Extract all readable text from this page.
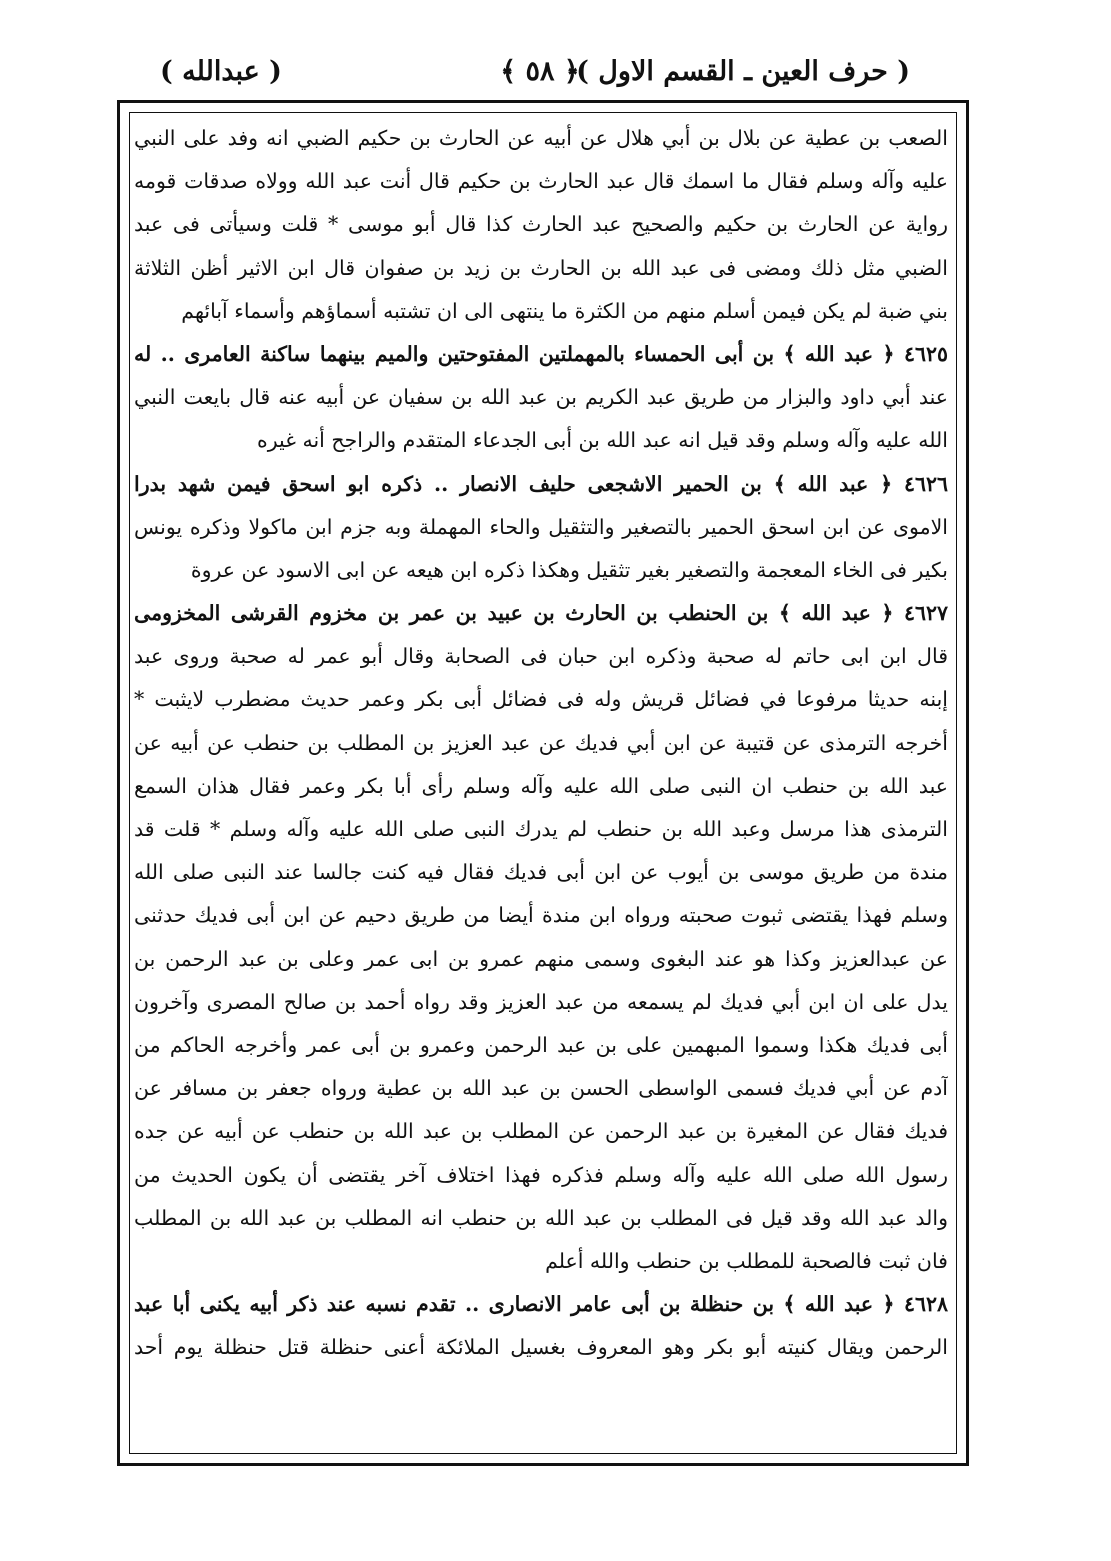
( حرف العين ـ القسم الاول )
﴿ ٥٨ ﴾
( عبدالله )
الصعب بن عطية عن بلال بن أبي هلال عن أبيه عن الحارث بن حكيم الضبي انه وفد على النبي
عليه وآله وسلم فقال ما اسمك قال عبد الحارث بن حكيم قال أنت عبد الله وولاه صدقات قومه
رواية عن الحارث بن حكيم والصحيح عبد الحارث كذا قال أبو موسى * قلت وسيأتى فى عبد
الضبي مثل ذلك ومضى فى عبد الله بن الحارث بن زيد بن صفوان قال ابن الاثير أظن الثلاثة
بني ضبة لم يكن فيمن أسلم منهم من الكثرة ما ينتهى الى ان تشتبه أسماؤهم وأسماء آبائهم
٤٦٢٥ ﴿ عبد الله ﴾ بن أبى الحمساء بالمهملتين المفتوحتين والميم بينهما ساكنة العامرى .. له
عند أبي داود والبزار من طريق عبد الكريم بن عبد الله بن سفيان عن أبيه عنه قال بايعت النبي
الله عليه وآله وسلم وقد قيل انه عبد الله بن أبى الجدعاء المتقدم والراجح أنه غيره
٤٦٢٦ ﴿ عبد الله ﴾ بن الحمير الاشجعى حليف الانصار .. ذكره ابو اسحق فيمن شهد بدرا
الاموى عن ابن اسحق الحمير بالتصغير والتثقيل والحاء المهملة وبه جزم ابن ماكولا وذكره يونس
بكير فى الخاء المعجمة والتصغير بغير تثقيل وهكذا ذكره ابن هيعه عن ابى الاسود عن عروة
٤٦٢٧ ﴿ عبد الله ﴾ بن الحنطب بن الحارث بن عبيد بن عمر بن مخزوم القرشى المخزومى
قال ابن ابى حاتم له صحبة وذكره ابن حبان فى الصحابة وقال أبو عمر له صحبة وروى عبد
إبنه حديثا مرفوعا في فضائل قريش وله فى فضائل أبى بكر وعمر حديث مضطرب لايثبت *
أخرجه الترمذى عن قتيبة عن ابن أبي فديك عن عبد العزيز بن المطلب بن حنطب عن أبيه عن
عبد الله بن حنطب ان النبى صلى الله عليه وآله وسلم رأى أبا بكر وعمر فقال هذان السمع
الترمذى هذا مرسل وعبد الله بن حنطب لم يدرك النبى صلى الله عليه وآله وسلم * قلت قد
مندة من طريق موسى بن أيوب عن ابن أبى فديك فقال فيه كنت جالسا عند النبى صلى الله
وسلم فهذا يقتضى ثبوت صحبته ورواه ابن مندة أيضا من طريق دحيم عن ابن أبى فديك حدثنى
عن عبدالعزيز وكذا هو عند البغوى وسمى منهم عمرو بن ابى عمر وعلى بن عبد الرحمن بن
يدل على ان ابن أبي فديك لم يسمعه من عبد العزيز وقد رواه أحمد بن صالح المصرى وآخرون
أبى فديك هكذا وسموا المبهمين على بن عبد الرحمن وعمرو بن أبى عمر وأخرجه الحاكم من
آدم عن أبي فديك فسمى الواسطى الحسن بن عبد الله بن عطية ورواه جعفر بن مسافر عن
فديك فقال عن المغيرة بن عبد الرحمن عن المطلب بن عبد الله بن حنطب عن أبيه عن جده
رسول الله صلى الله عليه وآله وسلم فذكره فهذا اختلاف آخر يقتضى أن يكون الحديث من
والد عبد الله وقد قيل فى المطلب بن عبد الله بن حنطب انه المطلب بن عبد الله بن المطلب
فان ثبت فالصحبة للمطلب بن حنطب والله أعلم
٤٦٢٨ ﴿ عبد الله ﴾ بن حنظلة بن أبى عامر الانصارى .. تقدم نسبه عند ذكر أبيه يكنى أبا عبد
الرحمن ويقال كنيته أبو بكر وهو المعروف بغسيل الملائكة أعنى حنظلة قتل حنظلة يوم أحد
